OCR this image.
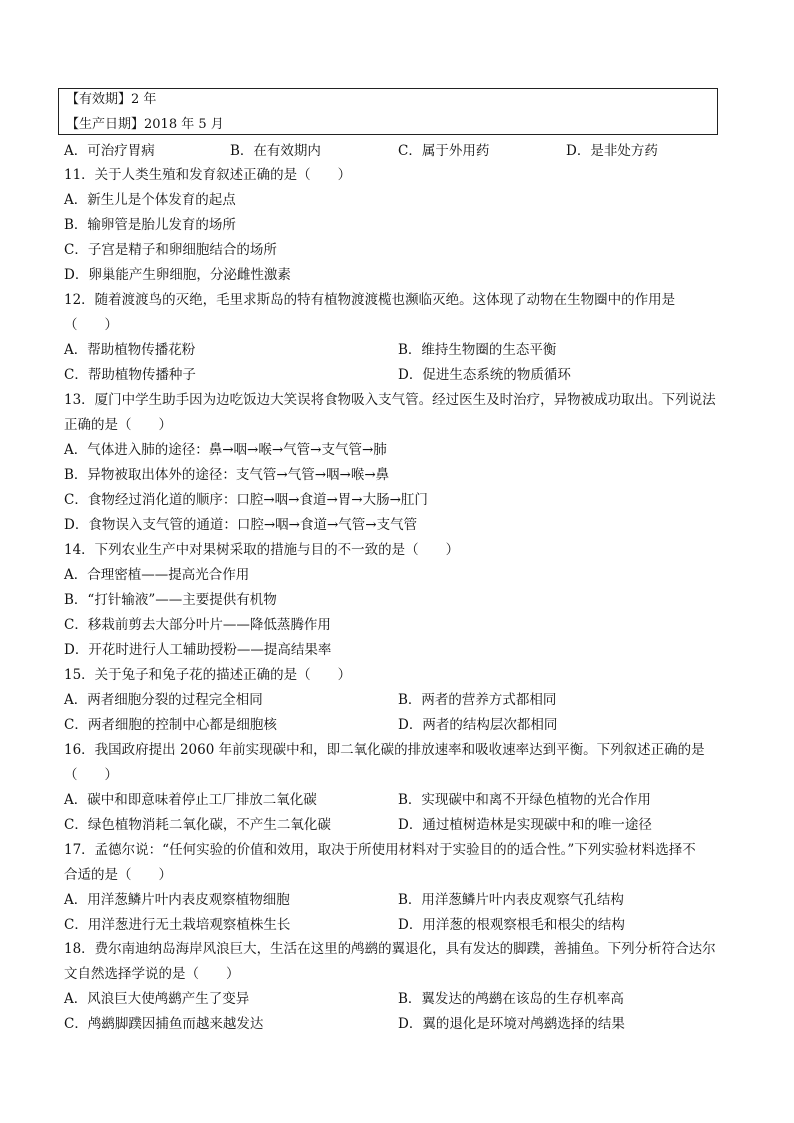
【有效期】2 年
【生产日期】2018 年 5 月
A．可治疗胃病	B．在有效期内	C．属于外用药	D．是非处方药
11．关于人类生殖和发育叙述正确的是（　　）
A．新生儿是个体发育的起点
B．输卵管是胎儿发育的场所
C．子宫是精子和卵细胞结合的场所
D．卵巢能产生卵细胞，分泌雌性激素
12．随着渡渡鸟的灭绝，毛里求斯岛的特有植物渡渡榄也濒临灭绝。这体现了动物在生物圈中的作用是
（　　）
A．帮助植物传播花粉	B．维持生物圈的生态平衡
C．帮助植物传播种子	D．促进生态系统的物质循环
13．厦门中学生助手因为边吃饭边大笑误将食物吸入支气管。经过医生及时治疗，异物被成功取出。下列说法
正确的是（　　）
A．气体进入肺的途径：鼻→咽→喉→气管→支气管→肺
B．异物被取出体外的途径：支气管→气管→咽→喉→鼻
C．食物经过消化道的顺序：口腔→咽→食道→胃→大肠→肛门
D．食物误入支气管的通道：口腔→咽→食道→气管→支气管
14．下列农业生产中对果树采取的措施与目的不一致的是（　　）
A．合理密植——提高光合作用
B．“打针输液”——主要提供有机物
C．移栽前剪去大部分叶片——降低蒸腾作用
D．开花时进行人工辅助授粉——提高结果率
15．关于兔子和兔子花的描述正确的是（　　）
A．两者细胞分裂的过程完全相同	B．两者的营养方式都相同
C．两者细胞的控制中心都是细胞核	D．两者的结构层次都相同
16．我国政府提出 2060 年前实现碳中和，即二氧化碳的排放速率和吸收速率达到平衡。下列叙述正确的是
（　　）
A．碳中和即意味着停止工厂排放二氧化碳	B．实现碳中和离不开绿色植物的光合作用
C．绿色植物消耗二氧化碳，不产生二氧化碳	D．通过植树造林是实现碳中和的唯一途径
17．孟德尔说：“任何实验的价值和效用，取决于所使用材料对于实验目的的适合性。”下列实验材料选择不
合适的是（　　）
A．用洋葱鳞片叶内表皮观察植物细胞	B．用洋葱鳞片叶内表皮观察气孔结构
C．用洋葱进行无土栽培观察植株生长	D．用洋葱的根观察根毛和根尖的结构
18．费尔南迪纳岛海岸风浪巨大，生活在这里的鸬鹚的翼退化，具有发达的脚蹼，善捕鱼。下列分析符合达尔
文自然选择学说的是（　　）
A．风浪巨大使鸬鹚产生了变异	B．翼发达的鸬鹚在该岛的生存机率高
C．鸬鹚脚蹼因捕鱼而越来越发达	D．翼的退化是环境对鸬鹚选择的结果
